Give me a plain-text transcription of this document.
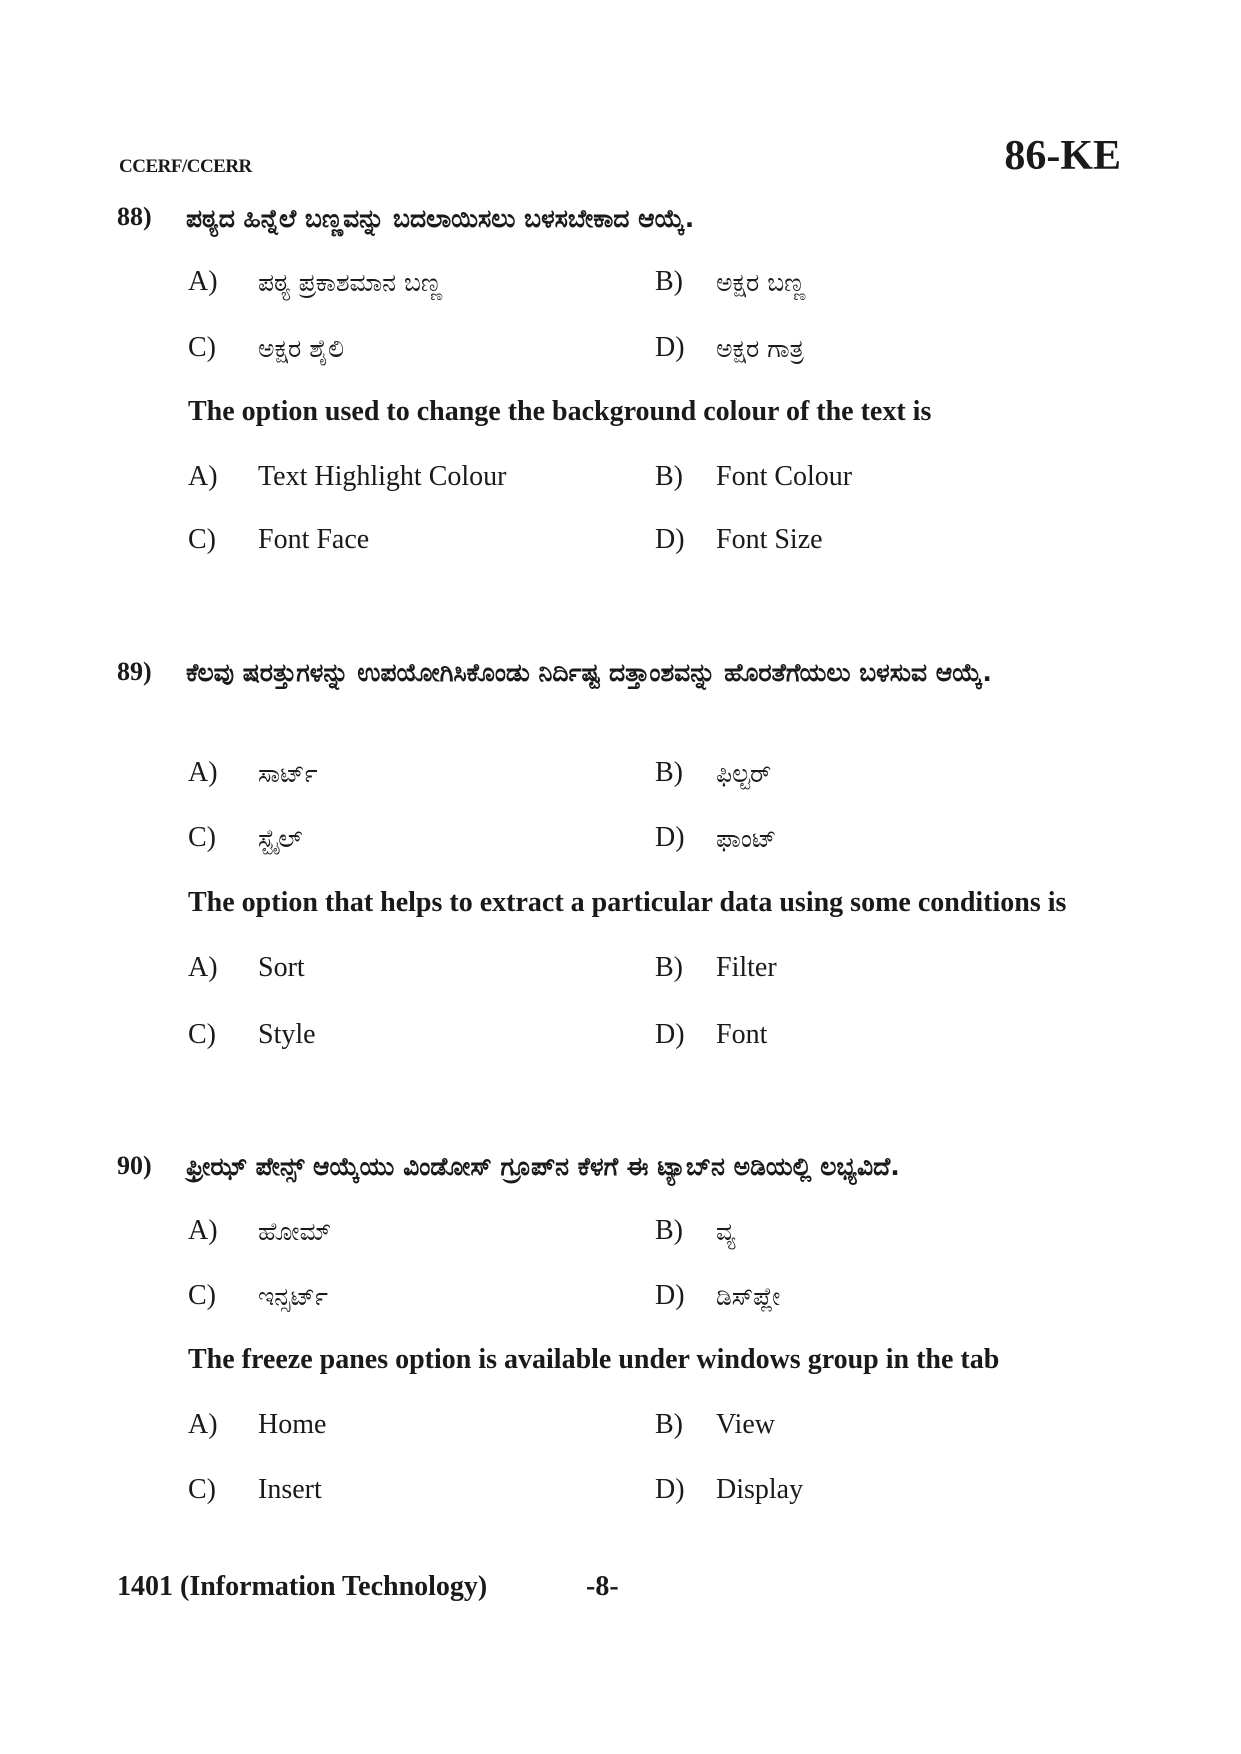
CCERF/CCERR	86-KE
88) ಪಠ್ಯದ ಹಿನ್ನೆಲೆ ಬಣ್ಣವನ್ನು ಬದಲಾಯಿಸಲು ಬಳಸಬೇಕಾದ ಆಯ್ಕೆ.
A) ಪಠ್ಯ ಪ್ರಕಾಶಮಾನ ಬಣ್ಣ	B) ಅಕ್ಷರ ಬಣ್ಣ
C) ಅಕ್ಷರ ಶೈಲಿ	D) ಅಕ್ಷರ ಗಾತ್ರ
The option used to change the background colour of the text is
A) Text Highlight Colour	B) Font Colour
C) Font Face	D) Font Size
89) ಕೆಲವು ಷರತ್ತುಗಳನ್ನು ಉಪಯೋಗಿಸಿಕೊಂಡು ನಿರ್ದಿಷ್ಟ ದತ್ತಾಂಶವನ್ನು ಹೊರತೆಗೆಯಲು ಬಳಸುವ ಆಯ್ಕೆ.
A) ಸಾರ್ಟ್	B) ಫಿಲ್ಟರ್
C) ಸ್ಟೈಲ್	D) ಫಾಂಟ್
The option that helps to extract a particular data using some conditions is
A) Sort	B) Filter
C) Style	D) Font
90) ಫ್ರೀಝ್ ಪೇನ್ಸ್ ಆಯ್ಕೆಯು ವಿಂಡೋಸ್ ಗ್ರೂಪ್‌ನ ಕೆಳಗೆ ಈ ಟ್ಯಾಬ್‌ನ ಅಡಿಯಲ್ಲಿ ಲಭ್ಯವಿದೆ.
A) ಹೋಮ್	B) ವ್ಯ
C) ಇನ್ಸರ್ಟ್	D) ಡಿಸ್‌ಪ್ಲೇ
The freeze panes option is available under windows group in the tab
A) Home	B) View
C) Insert	D) Display
1401 (Information Technology)	-8-
